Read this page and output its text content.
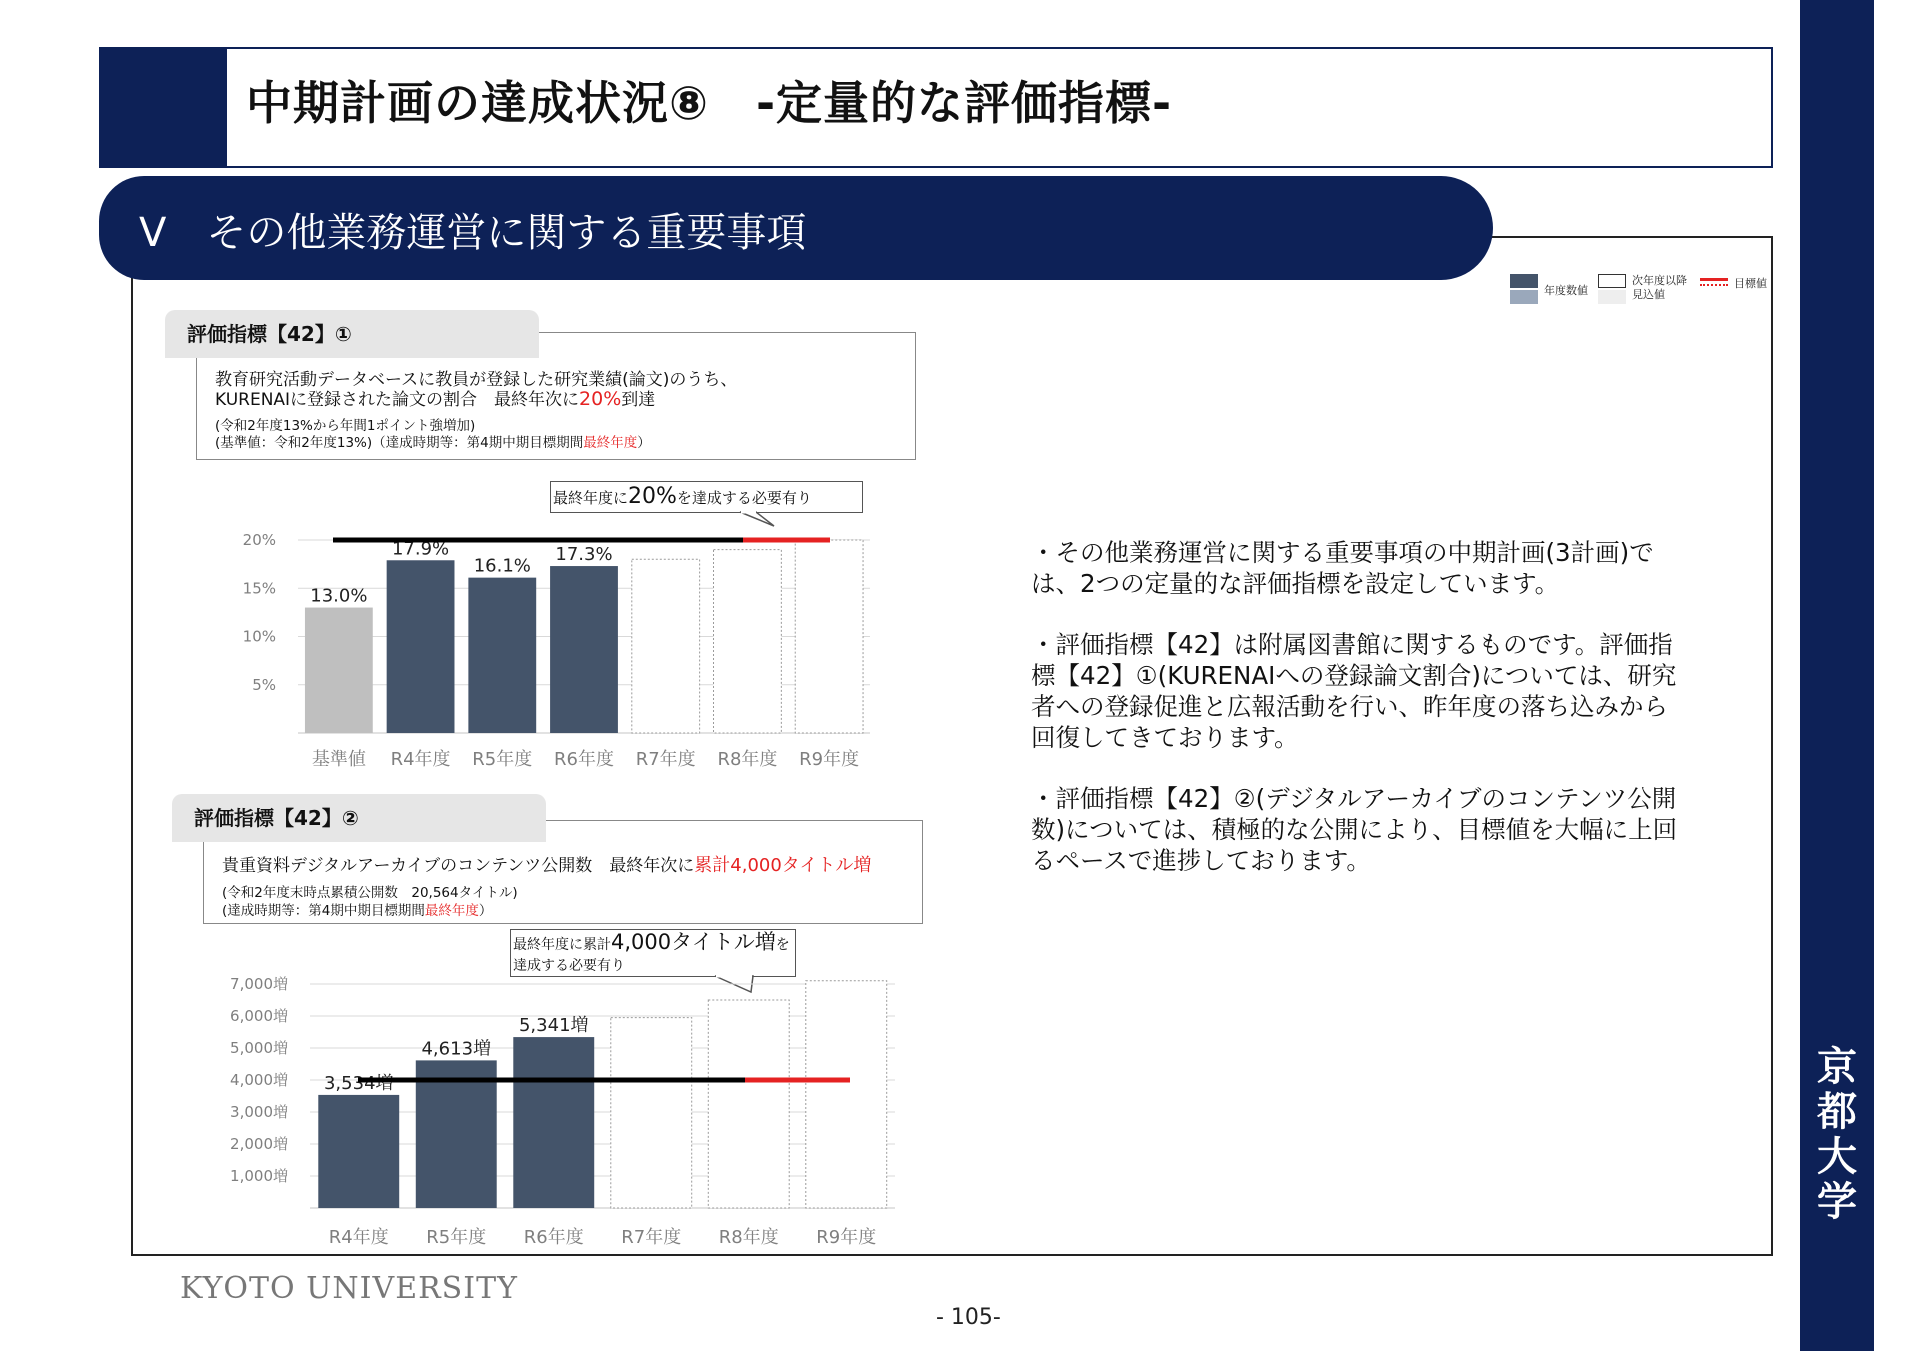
京
都
大
学
中期計画の達成状況⑧　-定量的な評価指標-
Ⅴ　その他業務運営に関する重要事項
年度数値
次年度以降
見込値
目標値
評価指標【42】①
教育研究活動データベースに教員が登録した研究業績(論文)のうち、
KURENAIに登録された論文の割合　最終年次に20%到達
(令和2年度13%から年間1ポイント強増加)
(基準値：令和2年度13%)（達成時期等：第4期中期目標期間最終年度）
最終年度に20%を達成する必要有り
5%
10%
15%
20%
13.0%
基準値
17.9%
R4年度
16.1%
R5年度
17.3%
R6年度 R7年度 R8年度 R9年度
評価指標【42】②
貴重資料デジタルアーカイブのコンテンツ公開数　最終年次に累計4,000タイトル増
(令和2年度末時点累積公開数　20,564タイトル)
(達成時期等：第4期中期目標期間最終年度）
最終年度に累計4,000タイトル増を
達成する必要有り
1,000増
2,000増
3,000増
4,000増
5,000増
6,000増
7,000増
3,534増
R4年度
4,613増
R5年度
5,341増
R6年度 R7年度 R8年度 R9年度

・その他業務運営に関する重要事項の中期計画(3計画)では、2つの定量的な評価指標を設定しています。

・評価指標【42】は附属図書館に関するものです。評価指標【42】①(KURENAIへの登録論文割合)については、研究者への登録促進と広報活動を行い、昨年度の落ち込みから回復してきております。

・評価指標【42】②(デジタルアーカイブのコンテンツ公開数)については、積極的な公開により、目標値を大幅に上回るペースで進捗しております。

KYOTO UNIVERSITY
- 105-
